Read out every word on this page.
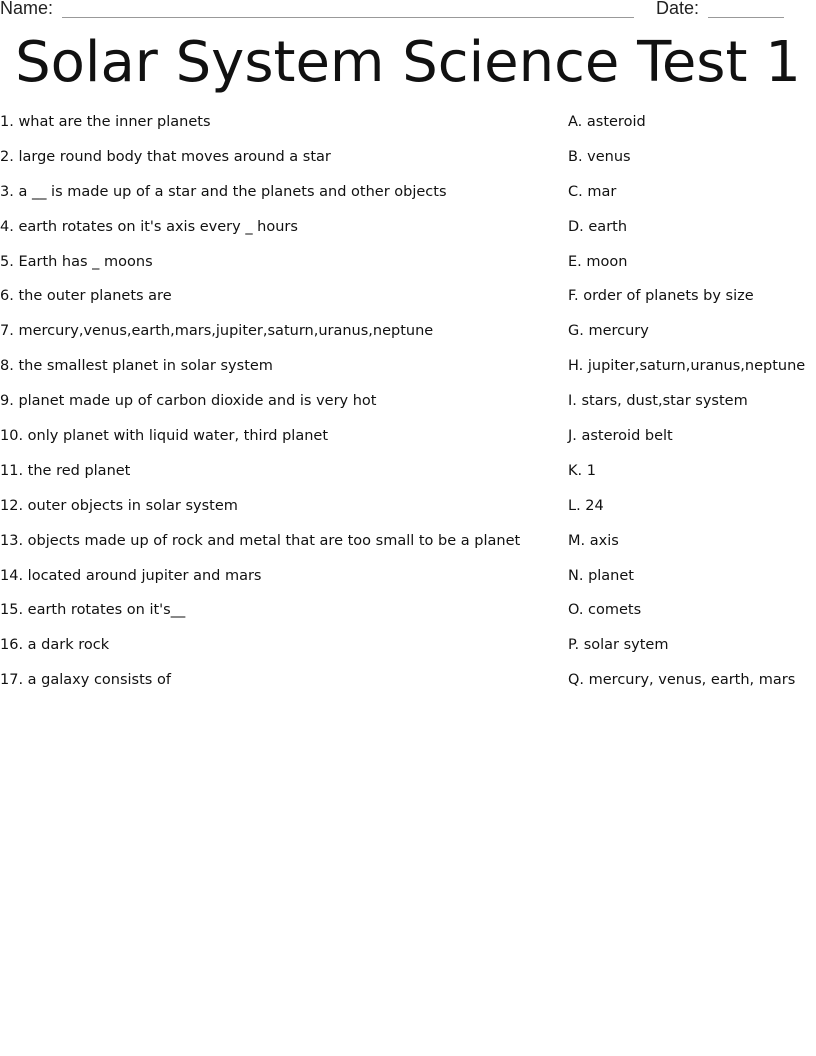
Name:	Date:
Solar System Science Test 1
1. what are the inner planets
2. large round body that moves around a star
3. a __ is made up of a star and the planets and other objects
4. earth rotates on it's axis every _ hours
5. Earth has _ moons
6. the outer planets are
7. mercury,venus,earth,mars,jupiter,saturn,uranus,neptune
8. the smallest planet in solar system
9. planet made up of carbon dioxide and is very hot
10. only planet with liquid water, third planet
11. the red planet
12. outer objects in solar system
13. objects made up of rock and metal that are too small to be a planet
14. located around jupiter and mars
15. earth rotates on it's__
16. a dark rock
17. a galaxy consists of
A. asteroid
B. venus
C. mar
D. earth
E. moon
F. order of planets by size
G. mercury
H. jupiter,saturn,uranus,neptune
I. stars, dust,star system
J. asteroid belt
K. 1
L. 24
M. axis
N. planet
O. comets
P. solar sytem
Q. mercury, venus, earth, mars
